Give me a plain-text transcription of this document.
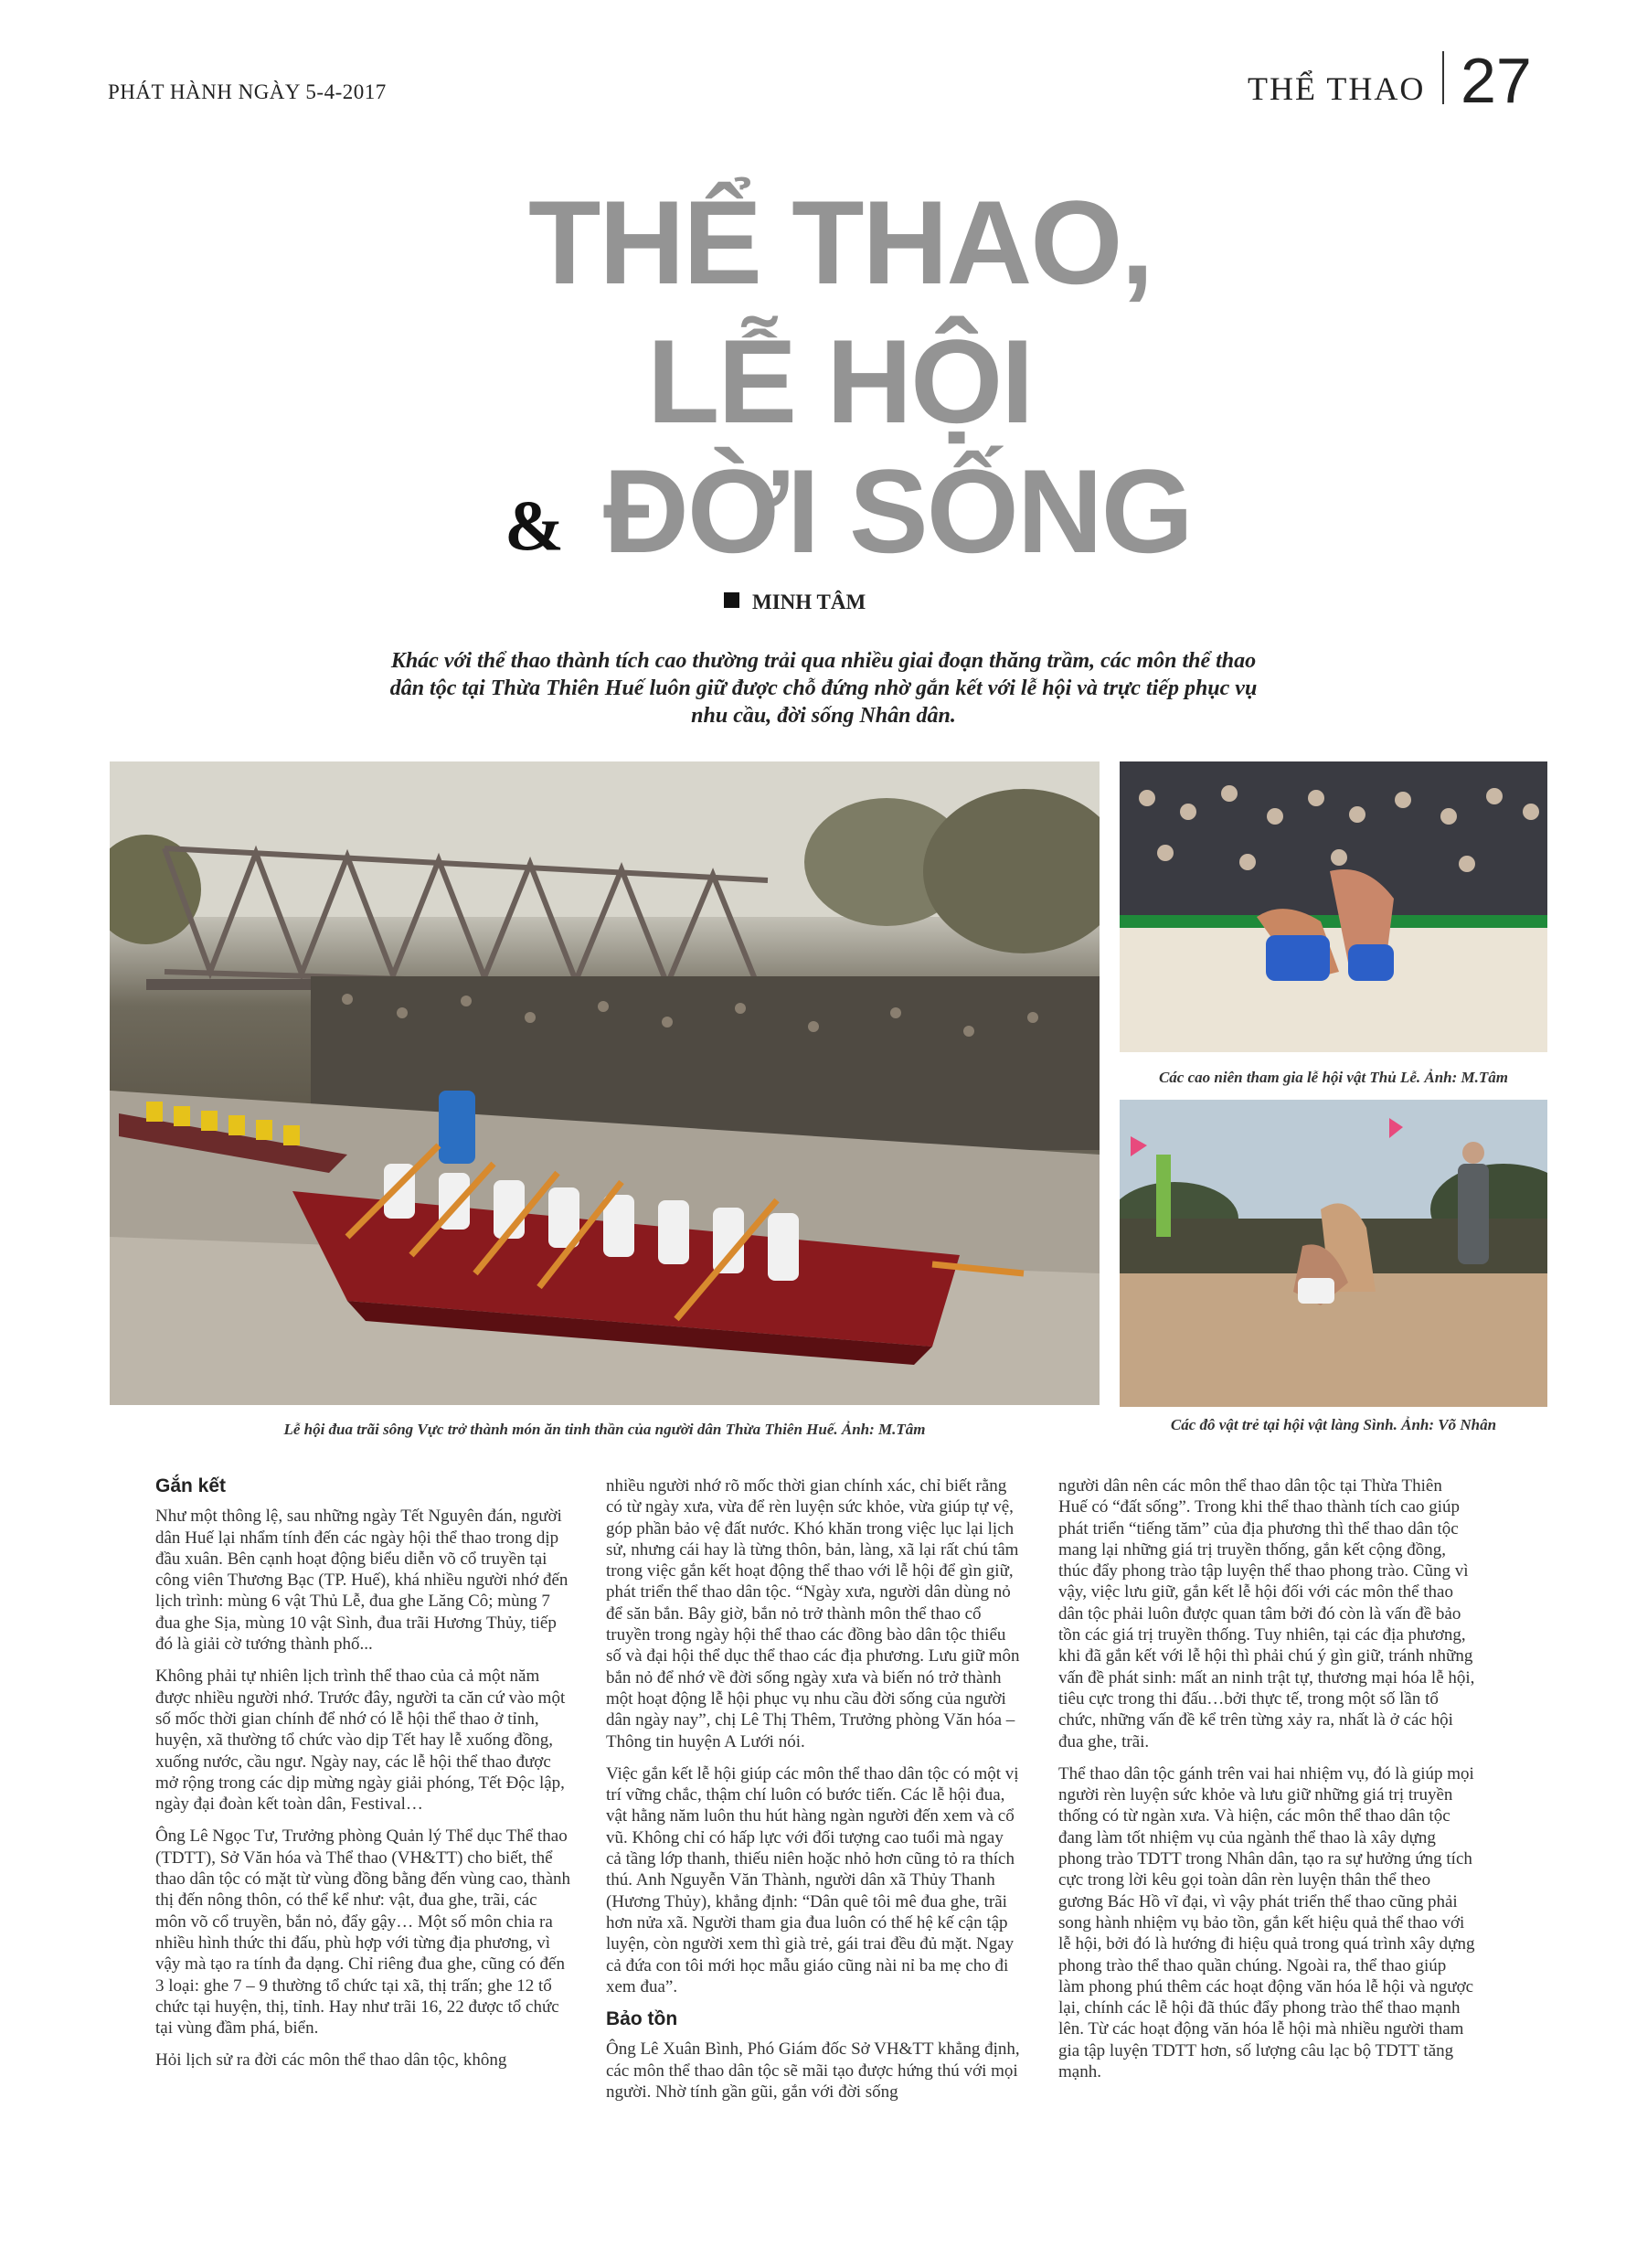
PHÁT HÀNH NGÀY 5-4-2017	THỂ THAO 27
THỂ THAO,
LỄ HỘI
& ĐỜI SỐNG
MINH TÂM
Khác với thể thao thành tích cao thường trải qua nhiều giai đoạn thăng trầm, các môn thể thao dân tộc tại Thừa Thiên Huế luôn giữ được chỗ đứng nhờ gắn kết với lễ hội và trực tiếp phục vụ nhu cầu, đời sống Nhân dân.
Các cao niên tham gia lễ hội vật Thủ Lễ. Ảnh: M.Tâm
Các đô vật trẻ tại hội vật làng Sình. Ảnh: Võ Nhân
Lễ hội đua trãi sông Vực trở thành món ăn tinh thần của người dân Thừa Thiên Huế. Ảnh: M.Tâm
Gắn kết

Như một thông lệ, sau những ngày Tết Nguyên đán, người dân Huế lại nhẩm tính đến các ngày hội thể thao trong dịp đầu xuân. Bên cạnh hoạt động biểu diễn võ cổ truyền tại công viên Thương Bạc (TP. Huế), khá nhiều người nhớ đến lịch trình: mùng 6 vật Thủ Lễ, đua ghe Lăng Cô; mùng 7 đua ghe Sịa, mùng 10 vật Sình, đua trãi Hương Thủy, tiếp đó là giải cờ tướng thành phố...

Không phải tự nhiên lịch trình thể thao của cả một năm được nhiều người nhớ. Trước đây, người ta căn cứ vào một số mốc thời gian chính để nhớ có lễ hội thể thao ở tỉnh, huyện, xã thường tổ chức vào dịp Tết hay lễ xuống đồng, xuống nước, cầu ngư. Ngày nay, các lễ hội thể thao được mở rộng trong các dịp mừng ngày giải phóng, Tết Độc lập, ngày đại đoàn kết toàn dân, Festival…

Ông Lê Ngọc Tư, Trưởng phòng Quản lý Thể dục Thể thao (TDTT), Sở Văn hóa và Thể thao (VH&TT) cho biết, thể thao dân tộc có mặt từ vùng đồng bằng đến vùng cao, thành thị đến nông thôn, có thể kể như: vật, đua ghe, trãi, các môn võ cổ truyền, bắn nỏ, đẩy gậy… Một số môn chia ra nhiều hình thức thi đấu, phù hợp với từng địa phương, vì vậy mà tạo ra tính đa dạng. Chỉ riêng đua ghe, cũng có đến 3 loại: ghe 7 – 9 thường tổ chức tại xã, thị trấn; ghe 12 tổ chức tại huyện, thị, tỉnh. Hay như trãi 16, 22 được tổ chức tại vùng đầm phá, biển.

Hỏi lịch sử ra đời các môn thể thao dân tộc, không

nhiều người nhớ rõ mốc thời gian chính xác, chỉ biết rằng có từ ngày xưa, vừa để rèn luyện sức khỏe, vừa giúp tự vệ, góp phần bảo vệ đất nước. Khó khăn trong việc lục lại lịch sử, nhưng cái hay là từng thôn, bản, làng, xã lại rất chú tâm trong việc gắn kết hoạt động thể thao với lễ hội để gìn giữ, phát triển thể thao dân tộc. “Ngày xưa, người dân dùng nỏ để săn bắn. Bây giờ, bắn nỏ trở thành môn thể thao cổ truyền trong ngày hội thể thao các đồng bào dân tộc thiểu số và đại hội thể dục thể thao các địa phương. Lưu giữ môn bắn nỏ để nhớ về đời sống ngày xưa và biến nó trở thành một hoạt động lễ hội phục vụ nhu cầu đời sống của người dân ngày nay”, chị Lê Thị Thêm, Trưởng phòng Văn hóa – Thông tin huyện A Lưới nói.

Việc gắn kết lễ hội giúp các môn thể thao dân tộc có một vị trí vững chắc, thậm chí luôn có bước tiến. Các lễ hội đua, vật hằng năm luôn thu hút hàng ngàn người đến xem và cổ vũ. Không chỉ có hấp lực với đối tượng cao tuổi mà ngay cả tầng lớp thanh, thiếu niên hoặc nhỏ hơn cũng tỏ ra thích thú. Anh Nguyễn Văn Thành, người dân xã Thủy Thanh (Hương Thủy), khẳng định: “Dân quê tôi mê đua ghe, trãi hơn nửa xã. Người tham gia đua luôn có thế hệ kế cận tập luyện, còn người xem thì già trẻ, gái trai đều đủ mặt. Ngay cả đứa con tôi mới học mẫu giáo cũng nài nỉ ba mẹ cho đi xem đua”.

Bảo tồn

Ông Lê Xuân Bình, Phó Giám đốc Sở VH&TT khẳng định, các môn thể thao dân tộc sẽ mãi tạo được hứng thú với mọi người. Nhờ tính gần gũi, gắn với đời sống

người dân nên các môn thể thao dân tộc tại Thừa Thiên Huế có “đất sống”. Trong khi thể thao thành tích cao giúp phát triển “tiếng tăm” của địa phương thì thể thao dân tộc mang lại những giá trị truyền thống, gắn kết cộng đồng, thúc đẩy phong trào tập luyện thể thao phong trào. Cũng vì vậy, việc lưu giữ, gắn kết lễ hội đối với các môn thể thao dân tộc phải luôn được quan tâm bởi đó còn là vấn đề bảo tồn các giá trị truyền thống. Tuy nhiên, tại các địa phương, khi đã gắn kết với lễ hội thì phải chú ý gìn giữ, tránh những vấn đề phát sinh: mất an ninh trật tự, thương mại hóa lễ hội, tiêu cực trong thi đấu…bởi thực tế, trong một số lần tổ chức, những vấn đề kể trên từng xảy ra, nhất là ở các hội đua ghe, trãi.

Thể thao dân tộc gánh trên vai hai nhiệm vụ, đó là giúp mọi người rèn luyện sức khỏe và lưu giữ những giá trị truyền thống có từ ngàn xưa. Và hiện, các môn thể thao dân tộc đang làm tốt nhiệm vụ của ngành thể thao là xây dựng phong trào TDTT trong Nhân dân, tạo ra sự hưởng ứng tích cực trong lời kêu gọi toàn dân rèn luyện thân thể theo gương Bác Hồ vĩ đại, vì vậy phát triển thể thao cũng phải song hành nhiệm vụ bảo tồn, gắn kết hiệu quả thể thao với lễ hội, bởi đó là hướng đi hiệu quả trong quá trình xây dựng phong trào thể thao quần chúng. Ngoài ra, thể thao giúp làm phong phú thêm các hoạt động văn hóa lễ hội và ngược lại, chính các lễ hội đã thúc đẩy phong trào thể thao mạnh lên. Từ các hoạt động văn hóa lễ hội mà nhiều người tham gia tập luyện TDTT hơn, số lượng câu lạc bộ TDTT tăng mạnh.
